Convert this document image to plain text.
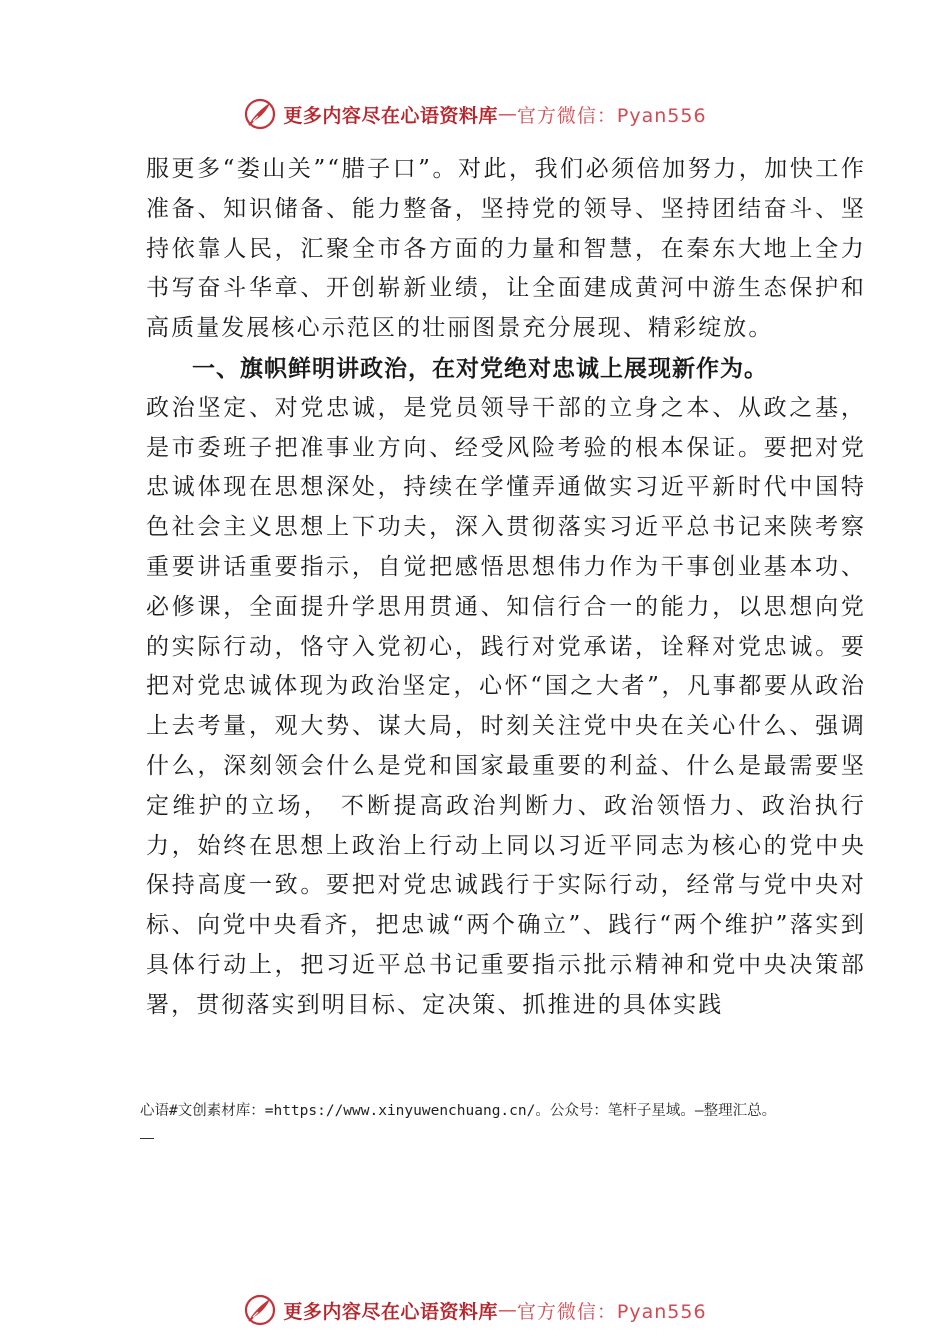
更多内容尽在心语资料库 — 官方微信：Pyan556

服更多“娄山关”“腊子口”。对此，我们必须倍加努力，加快工作准备、知识储备、能力整备，坚持党的领导、坚持团结奋斗、坚持依靠人民，汇聚全市各方面的力量和智慧，在秦东大地上全力书写奋斗华章、开创崭新业绩，让全面建成黄河中游生态保护和高质量发展核心示范区的壮丽图景充分展现、精彩绽放。

一、旗帜鲜明讲政治，在对党绝对忠诚上展现新作为。

政治坚定、对党忠诚，是党员领导干部的立身之本、从政之基，是市委班子把准事业方向、经受风险考验的根本保证。要把对党忠诚体现在思想深处，持续在学懂弄通做实习近平新时代中国特色社会主义思想上下功夫，深入贯彻落实习近平总书记来陕考察重要讲话重要指示，自觉把感悟思想伟力作为干事创业基本功、必修课，全面提升学思用贯通、知信行合一的能力，以思想向党的实际行动，恪守入党初心，践行对党承诺，诠释对党忠诚。要把对党忠诚体现为政治坚定，心怀“国之大者”，凡事都要从政治上去考量，观大势、谋大局，时刻关注党中央在关心什么、强调什么，深刻领会什么是党和国家最重要的利益、什么是最需要坚定维护的立场， 不断提高政治判断力、政治领悟力、政治执行力，始终在思想上政治上行动上同以习近平同志为核心的党中央保持高度一致。要把对党忠诚践行于实际行动，经常与党中央对标、向党中央看齐，把忠诚“两个确立”、践行“两个维护”落实到具体行动上，把习近平总书记重要指示批示精神和党中央决策部署，贯彻落实到明目标、定决策、抓推进的具体实践

心语#文创素材库：=https://www.xinyuwenchuang.cn/。公众号：笔杆子星域。—整理汇总。
更多内容尽在心语资料库 — 官方微信：Pyan556
